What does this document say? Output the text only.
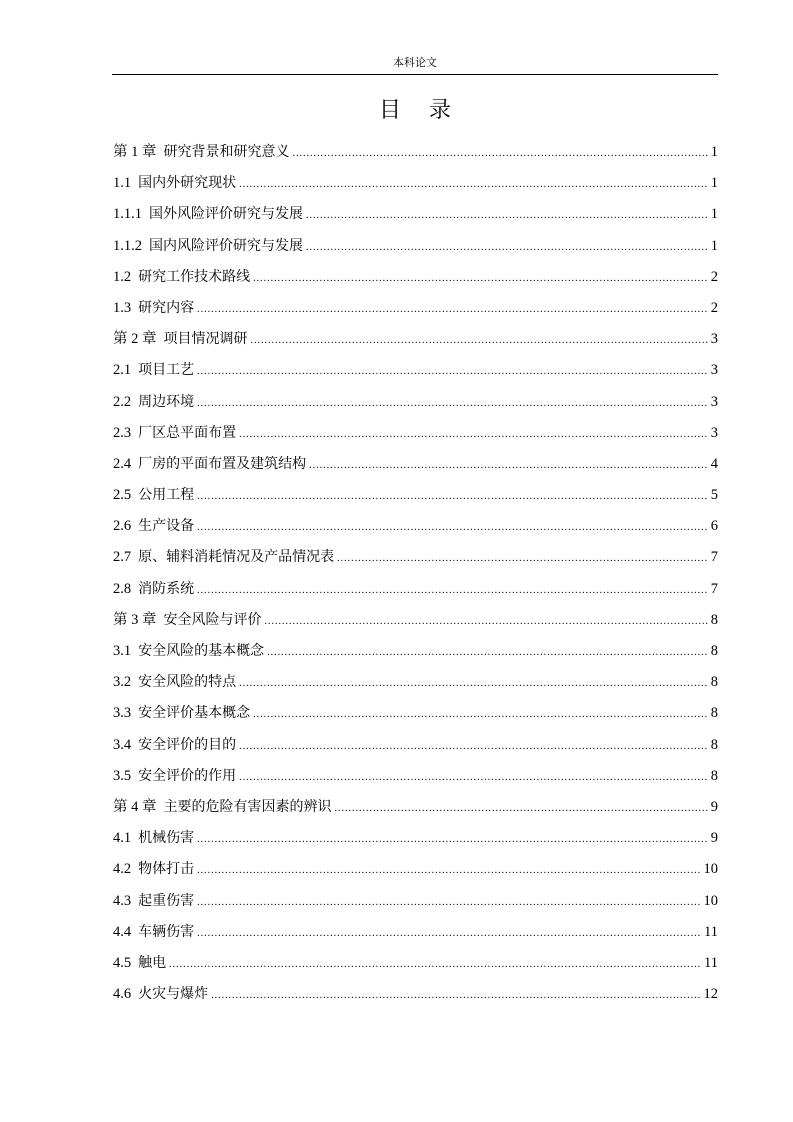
本科论文
目录
第 1 章 研究背景和研究意义 .....	1
1.1 国内外研究现状 .....	1
1.1.1 国外风险评价研究与发展 .....	1
1.1.2 国内风险评价研究与发展 .....	1
1.2 研究工作技术路线 .....	2
1.3 研究内容 .....	2
第 2 章 项目情况调研 .....	3
2.1 项目工艺 .....	3
2.2 周边环境 .....	3
2.3 厂区总平面布置 .....	3
2.4 厂房的平面布置及建筑结构 .....	4
2.5 公用工程 .....	5
2.6 生产设备 .....	6
2.7 原、辅料消耗情况及产品情况表 .....	7
2.8 消防系统 .....	7
第 3 章 安全风险与评价 .....	8
3.1 安全风险的基本概念 .....	8
3.2 安全风险的特点 .....	8
3.3 安全评价基本概念 .....	8
3.4 安全评价的目的 .....	8
3.5 安全评价的作用 .....	8
第 4 章 主要的危险有害因素的辨识 .....	9
4.1 机械伤害 .....	9
4.2 物体打击 .....	10
4.3 起重伤害 .....	10
4.4 车辆伤害 .....	11
4.5 触电 .....	11
4.6 火灾与爆炸 .....	12
